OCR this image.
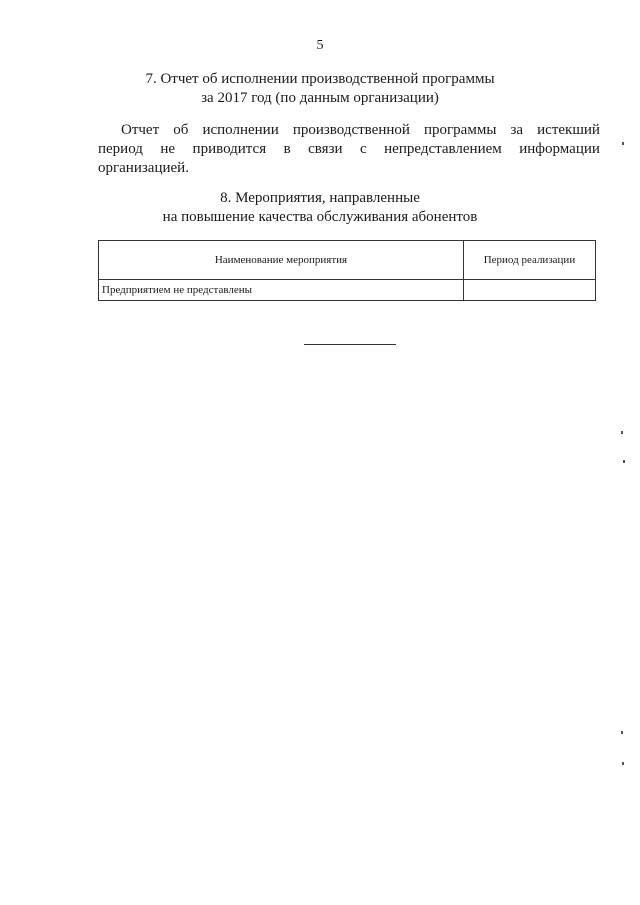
5
7. Отчет об исполнении производственной программы
за 2017 год (по данным организации)
Отчет об исполнении производственной программы за истекший
период не приводится в связи с непредставлением информации
организацией.
8. Мероприятия, направленные
на повышение качества обслуживания абонентов
Наименование мероприятия	Период реализации
Предприятием не представлены	
